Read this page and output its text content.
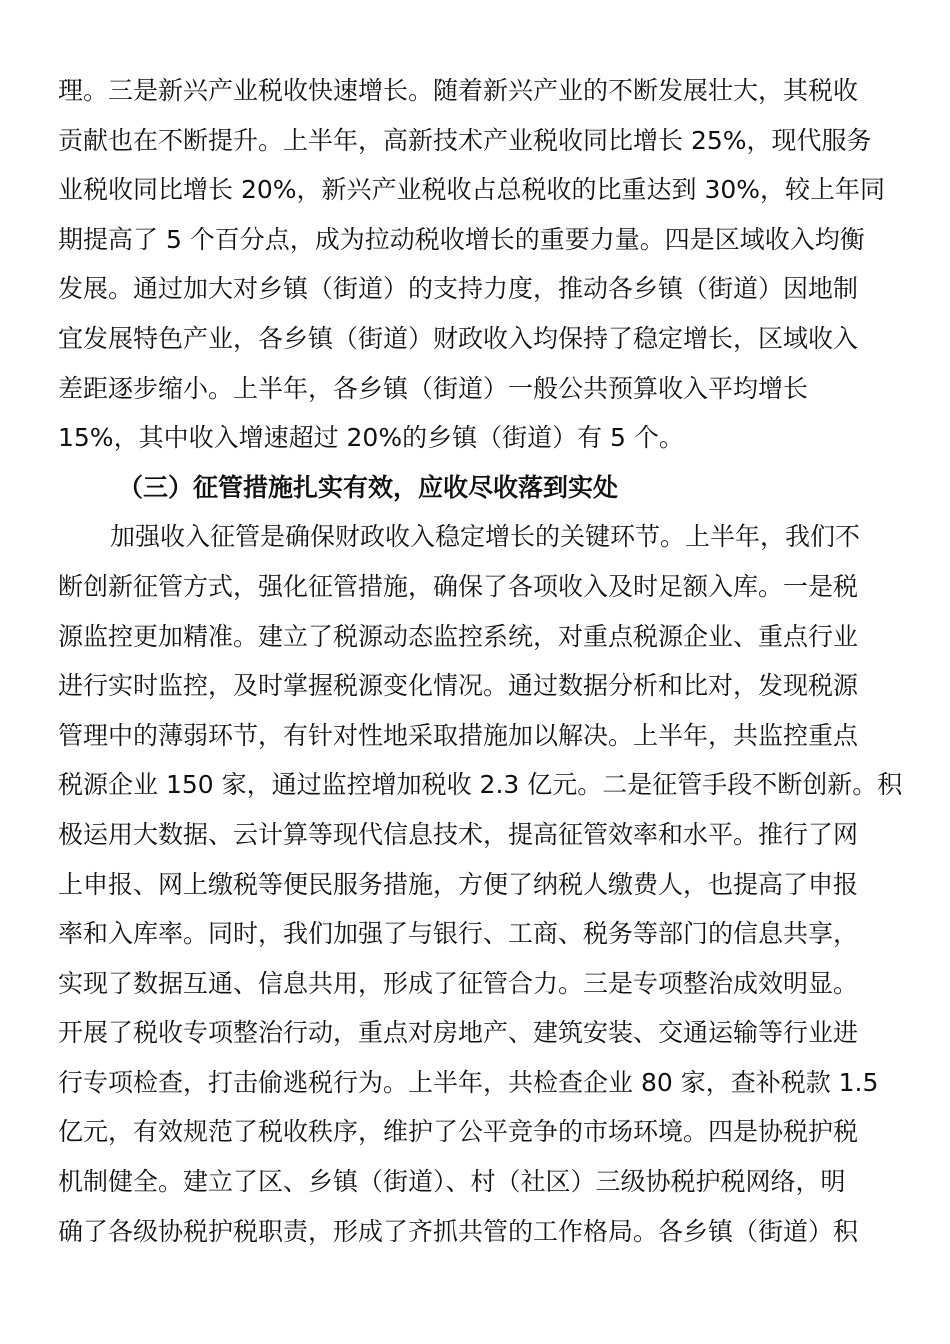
理。三是新兴产业税收快速增长。随着新兴产业的不断发展壮大，其税收
贡献也在不断提升。上半年，高新技术产业税收同比增长 25%，现代服务
业税收同比增长 20%，新兴产业税收占总税收的比重达到 30%，较上年同
期提高了 5 个百分点，成为拉动税收增长的重要力量。四是区域收入均衡
发展。通过加大对乡镇（街道）的支持力度，推动各乡镇（街道）因地制
宜发展特色产业，各乡镇（街道）财政收入均保持了稳定增长，区域收入
差距逐步缩小。上半年，各乡镇（街道）一般公共预算收入平均增长
15%，其中收入增速超过 20%的乡镇（街道）有 5 个。
（三）征管措施扎实有效，应收尽收落到实处
加强收入征管是确保财政收入稳定增长的关键环节。上半年，我们不
断创新征管方式，强化征管措施，确保了各项收入及时足额入库。一是税
源监控更加精准。建立了税源动态监控系统，对重点税源企业、重点行业
进行实时监控，及时掌握税源变化情况。通过数据分析和比对，发现税源
管理中的薄弱环节，有针对性地采取措施加以解决。上半年，共监控重点
税源企业 150 家，通过监控增加税收 2.3 亿元。二是征管手段不断创新。积
极运用大数据、云计算等现代信息技术，提高征管效率和水平。推行了网
上申报、网上缴税等便民服务措施，方便了纳税人缴费人，也提高了申报
率和入库率。同时，我们加强了与银行、工商、税务等部门的信息共享，
实现了数据互通、信息共用，形成了征管合力。三是专项整治成效明显。
开展了税收专项整治行动，重点对房地产、建筑安装、交通运输等行业进
行专项检查，打击偷逃税行为。上半年，共检查企业 80 家，查补税款 1.5
亿元，有效规范了税收秩序，维护了公平竞争的市场环境。四是协税护税
机制健全。建立了区、乡镇（街道）、村（社区）三级协税护税网络，明
确了各级协税护税职责，形成了齐抓共管的工作格局。各乡镇（街道）积
